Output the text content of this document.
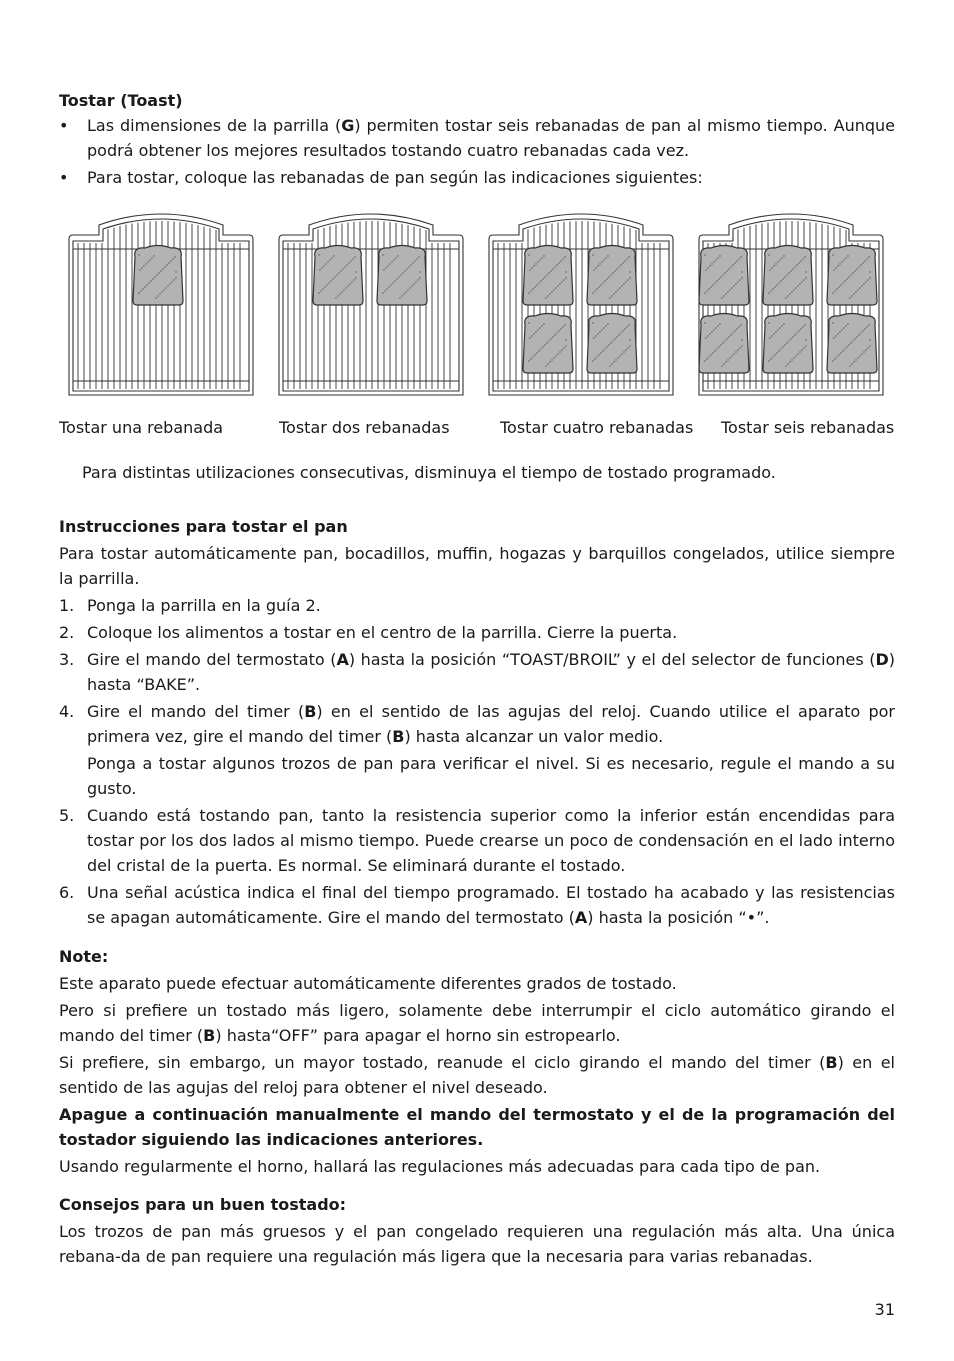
Tostar (Toast)
• Las dimensiones de la parrilla (G) permiten tostar seis rebanadas de pan al mismo tiempo. Aunque podrá obtener los mejores resultados tostando cuatro rebanadas cada vez.
• Para tostar, coloque las rebanadas de pan según las indicaciones siguientes:
Tostar una rebanada	Tostar dos rebanadas	Tostar cuatro rebanadas Tostar seis rebanadas
Para distintas utilizaciones consecutivas, disminuya el tiempo de tostado programado.
Instrucciones para tostar el pan
Para tostar automáticamente pan, bocadillos, muffin, hogazas y barquillos congelados, utilice siempre la parrilla.
1. Ponga la parrilla en la guía 2.
2. Coloque los alimentos a tostar en el centro de la parrilla. Cierre la puerta.
3. Gire el mando del termostato (A) hasta la posición “TOAST/BROIL” y el del selector de funciones (D) hasta “BAKE”.
4. Gire el mando del timer (B) en el sentido de las agujas del reloj. Cuando utilice el aparato por primera vez, gire el mando del timer (B) hasta alcanzar un valor medio.
Ponga a tostar algunos trozos de pan para verificar el nivel. Si es necesario, regule el mando a su gusto.
5. Cuando está tostando pan, tanto la resistencia superior como la inferior están encendidas para tostar por los dos lados al mismo tiempo. Puede crearse un poco de condensación en el lado interno del cristal de la puerta. Es normal. Se eliminará durante el tostado.
6. Una señal acústica indica el final del tiempo programado. El tostado ha acabado y las resistencias se apagan automáticamente. Gire el mando del termostato (A) hasta la posición “•”.
Note:
Este aparato puede efectuar automáticamente diferentes grados de tostado.
Pero si prefiere un tostado más ligero, solamente debe interrumpir el ciclo automático girando el mando del timer (B) hasta“OFF” para apagar el horno sin estropearlo.
Si prefiere, sin embargo, un mayor tostado, reanude el ciclo girando el mando del timer (B) en el sentido de las agujas del reloj para obtener el nivel deseado.
Apague a continuación manualmente el mando del termostato y el de la programación del tostador siguiendo las indicaciones anteriores.
Usando regularmente el horno, hallará las regulaciones más adecuadas para cada tipo de pan.
Consejos para un buen tostado:
Los trozos de pan más gruesos y el pan congelado requieren una regulación más alta. Una única rebana-da de pan requiere una regulación más ligera que la necesaria para varias rebanadas.
31
